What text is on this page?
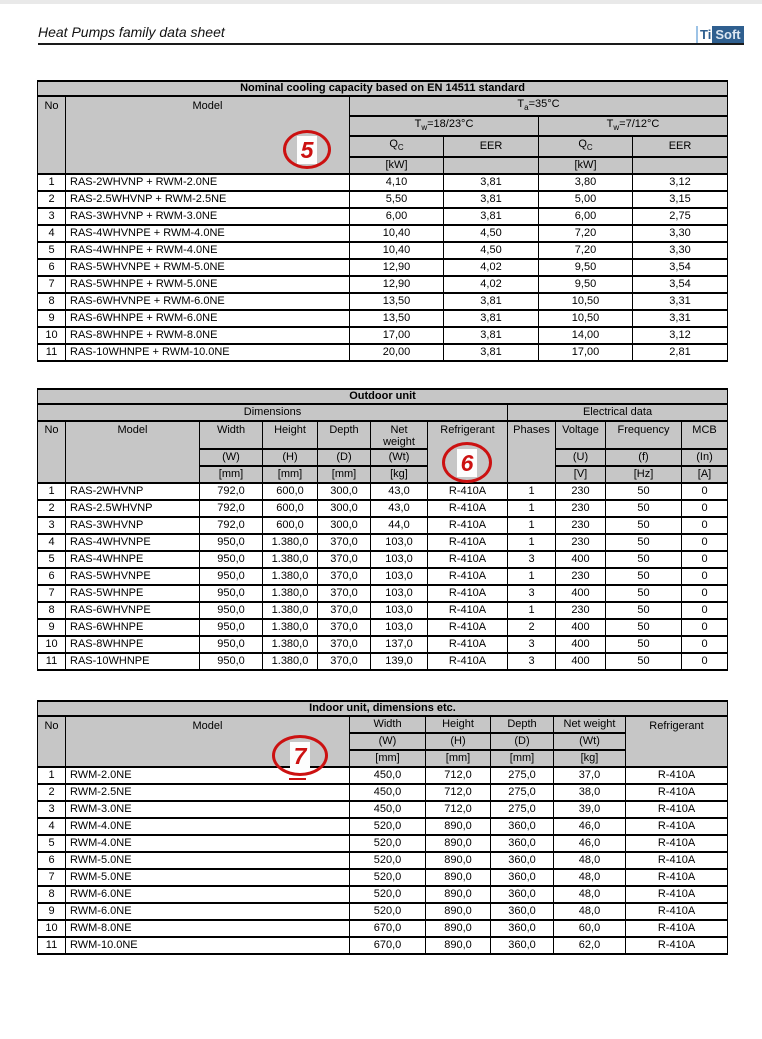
Heat Pumps family data sheet	Ti Soft
Nominal cooling capacity based on EN 14511 standard					
No	Model	$T_a=35^\circ C$			
		$T_w=18/23^\circ C$		$T_w=7/12^\circ C$	
		$Q_C$	EER	$Q_C$	EER
		[kW]		[kW]	
1	RAS-2WHVNP + RWM-2.0NE	4,10	3,81	3,80	3,12
2	RAS-2.5WHVNP + RWM-2.5NE	5,50	3,81	5,00	3,15
3	RAS-3WHVNP + RWM-3.0NE	6,00	3,81	6,00	2,75
4	RAS-4WHVNPE + RWM-4.0NE	10,40	4,50	7,20	3,30
5	RAS-4WHNPE + RWM-4.0NE	10,40	4,50	7,20	3,30
6	RAS-5WHVNPE + RWM-5.0NE	12,90	4,02	9,50	3,54
7	RAS-5WHNPE + RWM-5.0NE	12,90	4,02	9,50	3,54
8	RAS-6WHVNPE + RWM-6.0NE	13,50	3,81	10,50	3,31
9	RAS-6WHNPE + RWM-6.0NE	13,50	3,81	10,50	3,31
10	RAS-8WHNPE + RWM-8.0NE	17,00	3,81	14,00	3,12
11	RAS-10WHNPE + RWM-10.0NE	20,00	3,81	17,00	2,81
Outdoor unit										
Dimensions							Electrical data			
No	Model	Width	Height	Depth	Net weight	Refrigerant	Phases	Voltage	Frequency	MCB
		(W)	(H)	(D)	(Wt)			(U)	(f)	(In)
		[mm]	[mm]	[mm]	[kg]			[V]	[Hz]	[A]
1	RAS-2WHVNP	792,0	600,0	300,0	43,0	R-410A	1	230	50	0
2	RAS-2.5WHVNP	792,0	600,0	300,0	43,0	R-410A	1	230	50	0
3	RAS-3WHVNP	792,0	600,0	300,0	44,0	R-410A	1	230	50	0
4	RAS-4WHVNPE	950,0	1.380,0	370,0	103,0	R-410A	1	230	50	0
5	RAS-4WHNPE	950,0	1.380,0	370,0	103,0	R-410A	3	400	50	0
6	RAS-5WHVNPE	950,0	1.380,0	370,0	103,0	R-410A	1	230	50	0
7	RAS-5WHNPE	950,0	1.380,0	370,0	103,0	R-410A	3	400	50	0
8	RAS-6WHVNPE	950,0	1.380,0	370,0	103,0	R-410A	1	230	50	0
9	RAS-6WHNPE	950,0	1.380,0	370,0	103,0	R-410A	2	400	50	0
10	RAS-8WHNPE	950,0	1.380,0	370,0	137,0	R-410A	3	400	50	0
11	RAS-10WHNPE	950,0	1.380,0	370,0	139,0	R-410A	3	400	50	0
Indoor unit, dimensions etc.						
No	Model	Width	Height	Depth	Net weight	Refrigerant
		(W)	(H)	(D)	(Wt)	
		[mm]	[mm]	[mm]	[kg]	
1	RWM-2.0NE	450,0	712,0	275,0	37,0	R-410A
2	RWM-2.5NE	450,0	712,0	275,0	38,0	R-410A
3	RWM-3.0NE	450,0	712,0	275,0	39,0	R-410A
4	RWM-4.0NE	520,0	890,0	360,0	46,0	R-410A
5	RWM-4.0NE	520,0	890,0	360,0	46,0	R-410A
6	RWM-5.0NE	520,0	890,0	360,0	48,0	R-410A
7	RWM-5.0NE	520,0	890,0	360,0	48,0	R-410A
8	RWM-6.0NE	520,0	890,0	360,0	48,0	R-410A
9	RWM-6.0NE	520,0	890,0	360,0	48,0	R-410A
10	RWM-8.0NE	670,0	890,0	360,0	60,0	R-410A
11	RWM-10.0NE	670,0	890,0	360,0	62,0	R-410A
5
6
7
